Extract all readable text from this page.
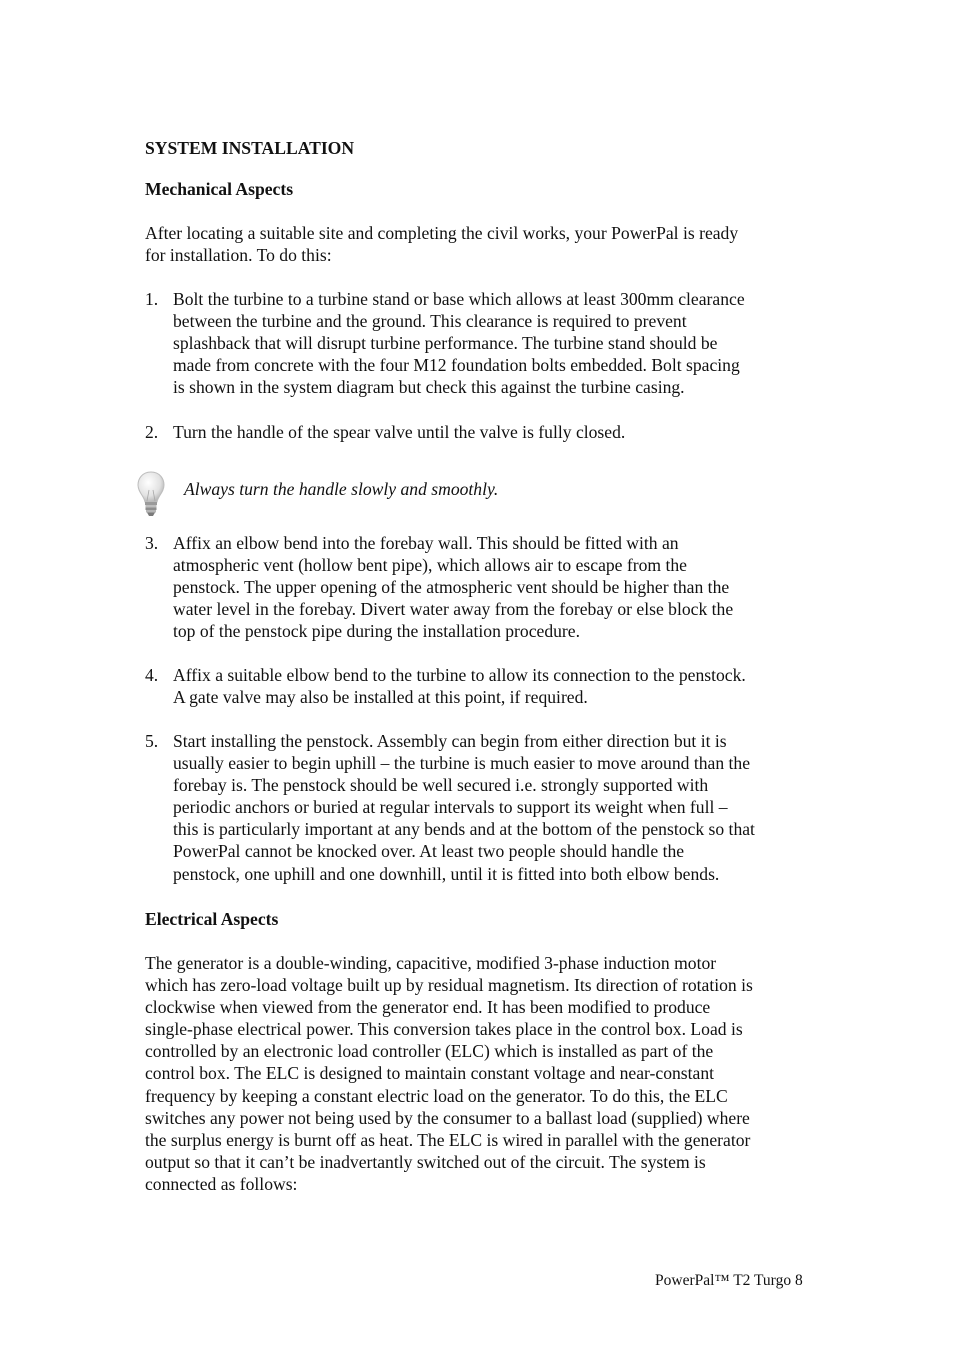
SYSTEM INSTALLATION
Mechanical Aspects
After locating a suitable site and completing the civil works, your PowerPal is ready
for installation. To do this:
1. Bolt the turbine to a turbine stand or base which allows at least 300mm clearance
between the turbine and the ground. This clearance is required to prevent
splashback that will disrupt turbine performance. The turbine stand should be
made from concrete with the four M12 foundation bolts embedded. Bolt spacing
is shown in the system diagram but check this against the turbine casing.
2. Turn the handle of the spear valve until the valve is fully closed.
Always turn the handle slowly and smoothly.
3. Affix an elbow bend into the forebay wall. This should be fitted with an
atmospheric vent (hollow bent pipe), which allows air to escape from the
penstock. The upper opening of the atmospheric vent should be higher than the
water level in the forebay. Divert water away from the forebay or else block the
top of the penstock pipe during the installation procedure.
4. Affix a suitable elbow bend to the turbine to allow its connection to the penstock.
A gate valve may also be installed at this point, if required.
5. Start installing the penstock. Assembly can begin from either direction but it is
usually easier to begin uphill – the turbine is much easier to move around than the
forebay is. The penstock should be well secured i.e. strongly supported with
periodic anchors or buried at regular intervals to support its weight when full –
this is particularly important at any bends and at the bottom of the penstock so that
PowerPal cannot be knocked over. At least two people should handle the
penstock, one uphill and one downhill, until it is fitted into both elbow bends.
Electrical Aspects
The generator is a double-winding, capacitive, modified 3-phase induction motor
which has zero-load voltage built up by residual magnetism. Its direction of rotation is
clockwise when viewed from the generator end. It has been modified to produce
single-phase electrical power. This conversion takes place in the control box. Load is
controlled by an electronic load controller (ELC) which is installed as part of the
control box. The ELC is designed to maintain constant voltage and near-constant
frequency by keeping a constant electric load on the generator. To do this, the ELC
switches any power not being used by the consumer to a ballast load (supplied) where
the surplus energy is burnt off as heat. The ELC is wired in parallel with the generator
output so that it can’t be inadvertantly switched out of the circuit. The system is
connected as follows:
PowerPal™ T2 Turgo 8
